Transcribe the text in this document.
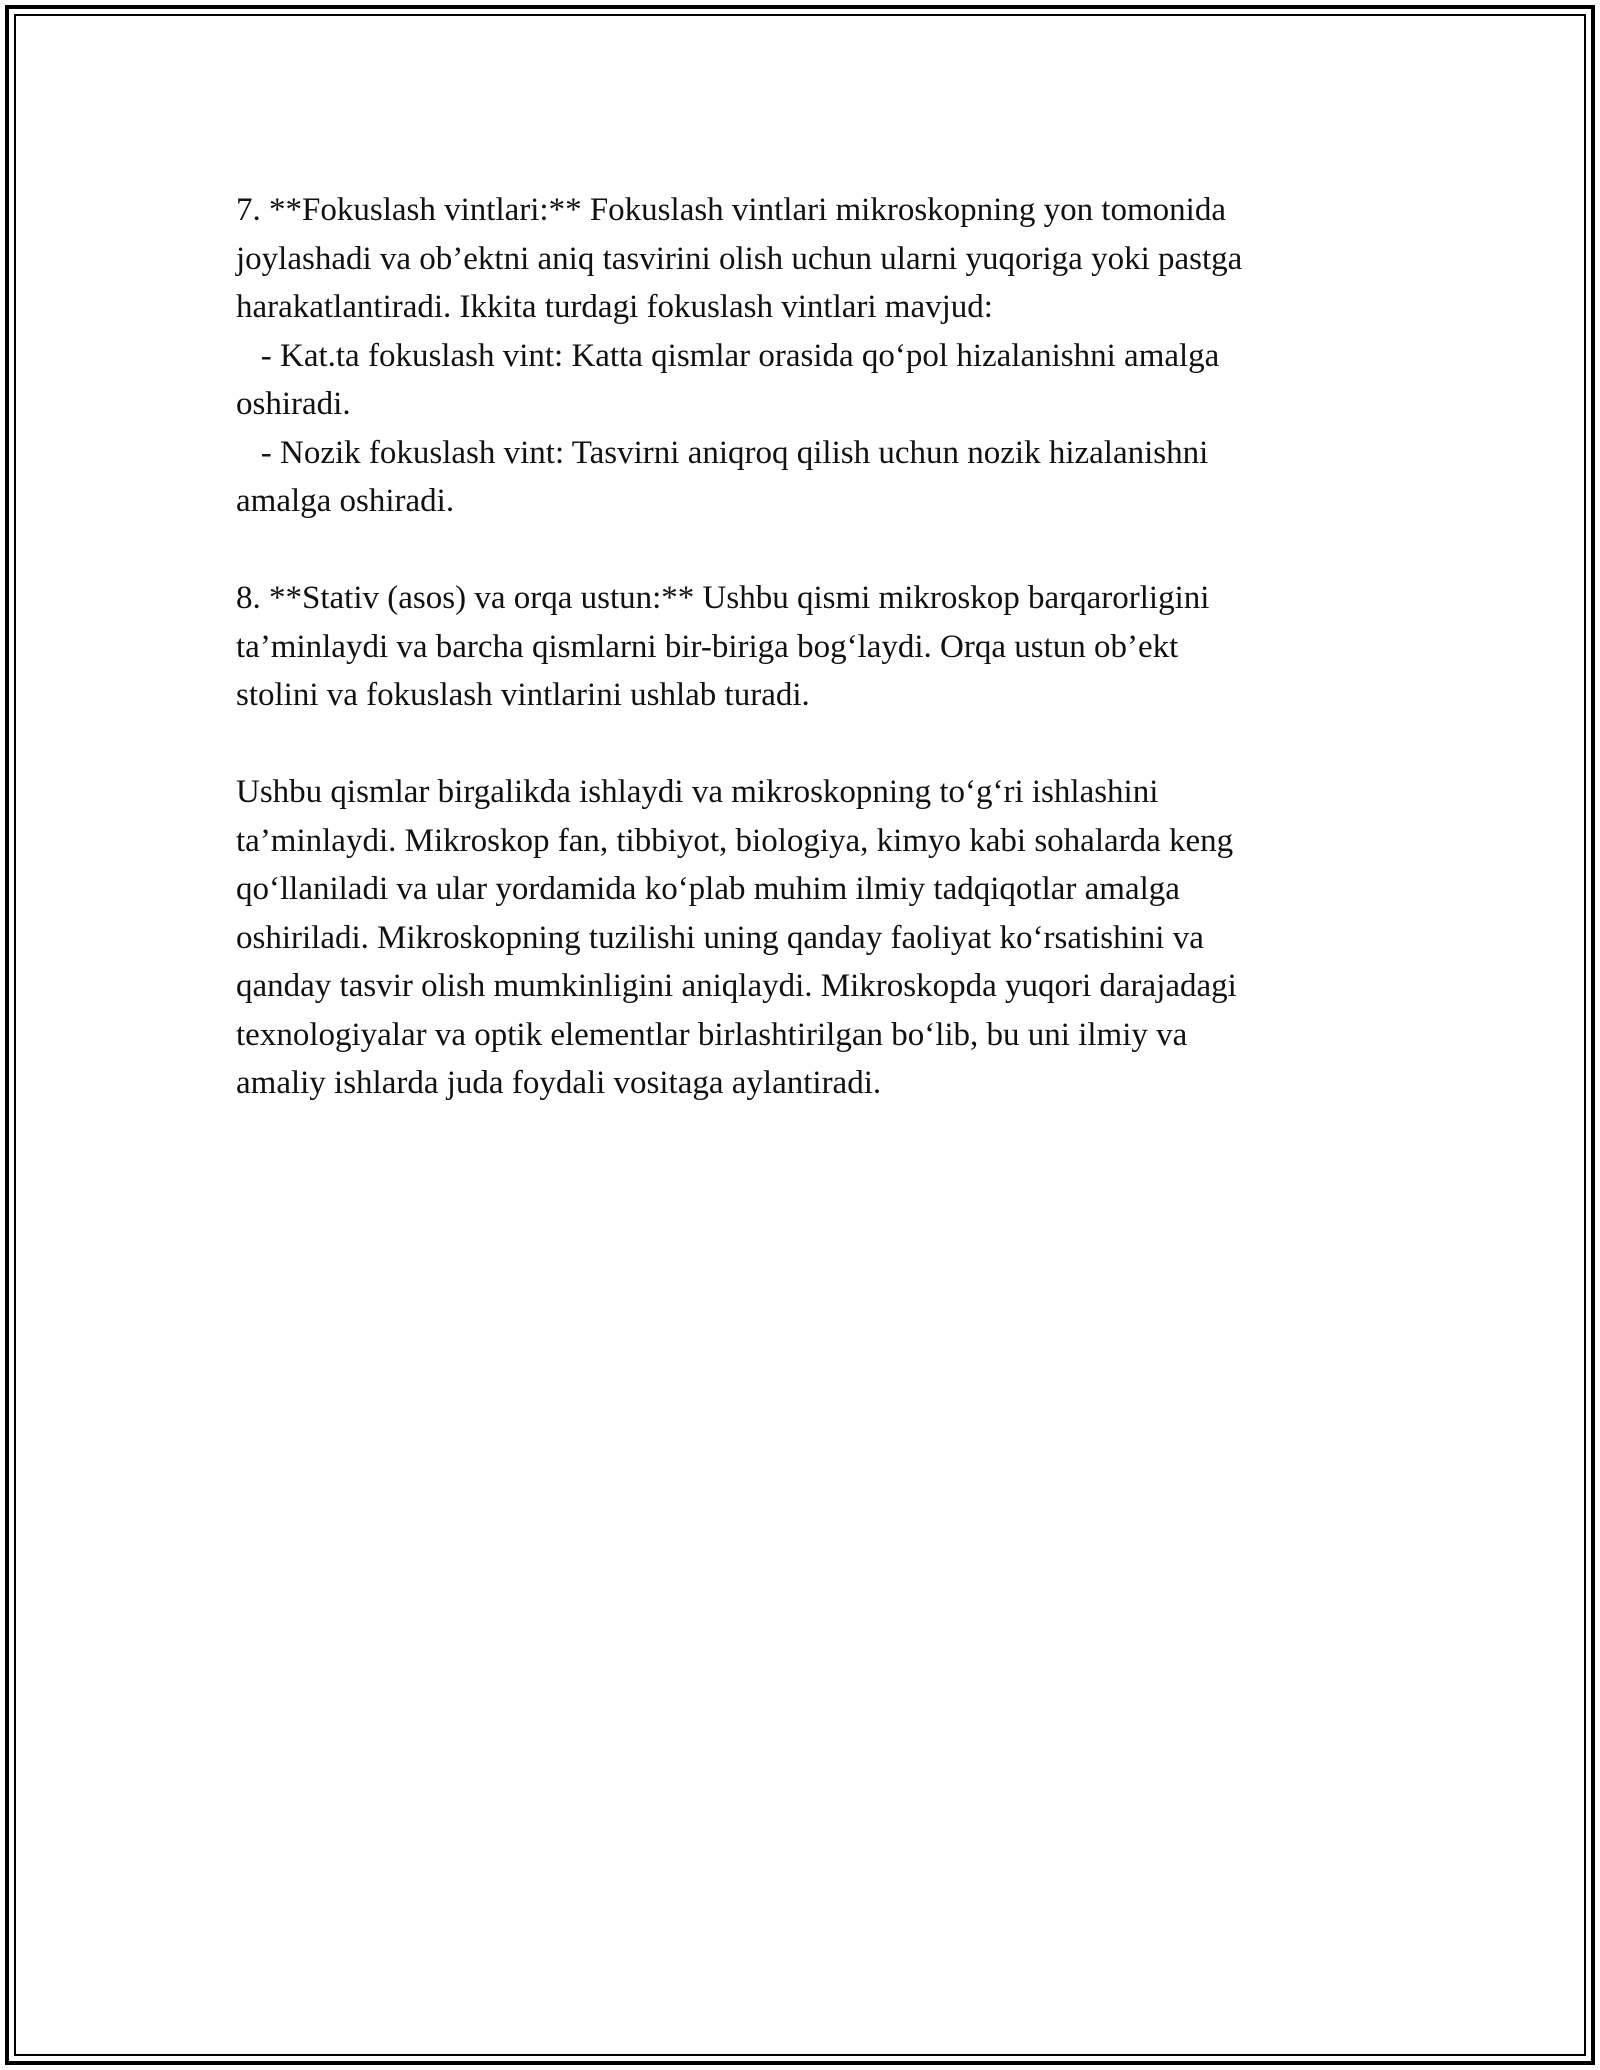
7. **Fokuslash vintlari:** Fokuslash vintlari mikroskopning yon tomonida
joylashadi va ob’ektni aniq tasvirini olish uchun ularni yuqoriga yoki pastga
harakatlantiradi. Ikkita turdagi fokuslash vintlari mavjud:
- Kat.ta fokuslash vint: Katta qismlar orasida qo‘pol hizalanishni amalga
oshiradi.
- Nozik fokuslash vint: Tasvirni aniqroq qilish uchun nozik hizalanishni
amalga oshiradi.
8. **Stativ (asos) va orqa ustun:** Ushbu qismi mikroskop barqarorligini
ta’minlaydi va barcha qismlarni bir-biriga bog‘laydi. Orqa ustun ob’ekt
stolini va fokuslash vintlarini ushlab turadi.
Ushbu qismlar birgalikda ishlaydi va mikroskopning to‘g‘ri ishlashini
ta’minlaydi. Mikroskop fan, tibbiyot, biologiya, kimyo kabi sohalarda keng
qo‘llaniladi va ular yordamida ko‘plab muhim ilmiy tadqiqotlar amalga
oshiriladi. Mikroskopning tuzilishi uning qanday faoliyat ko‘rsatishini va
qanday tasvir olish mumkinligini aniqlaydi. Mikroskopda yuqori darajadagi
texnologiyalar va optik elementlar birlashtirilgan bo‘lib, bu uni ilmiy va
amaliy ishlarda juda foydali vositaga aylantiradi.
